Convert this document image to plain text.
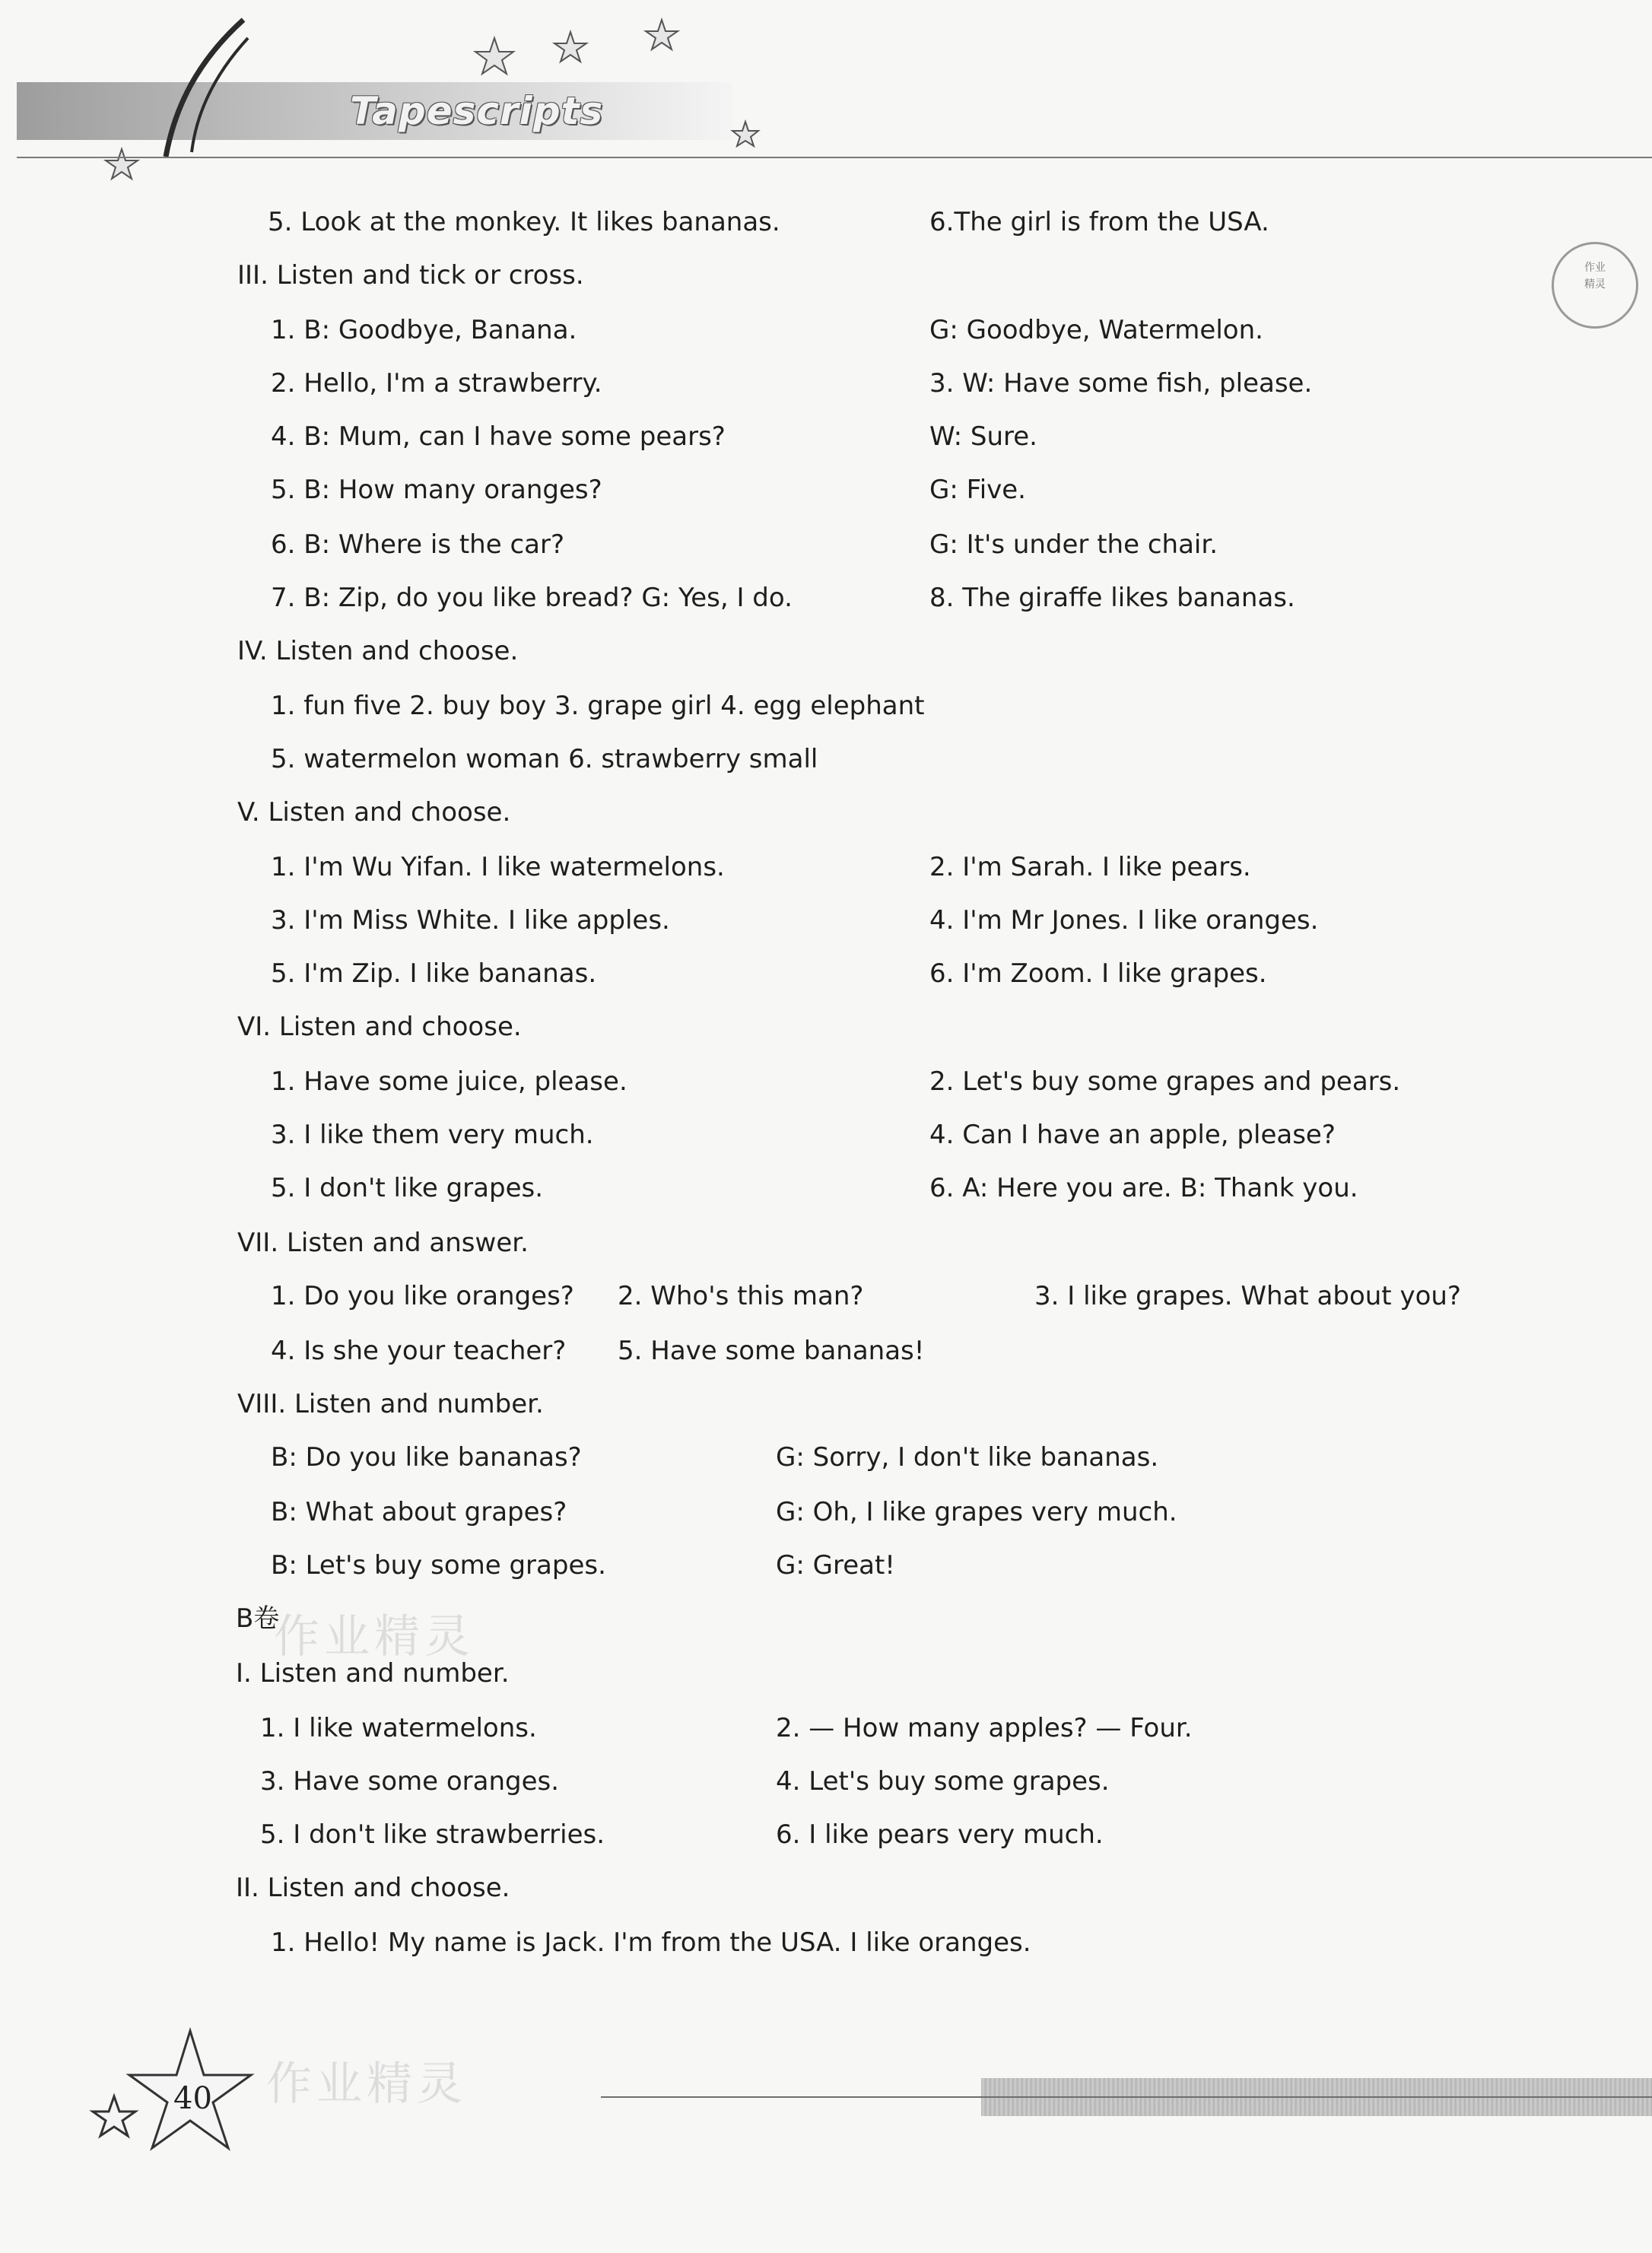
Tapescripts
作业
精灵
5. Look at the monkey. It likes bananas.	6.The girl is from the USA.
III. Listen and tick or cross.
1. B: Goodbye, Banana.	G: Goodbye, Watermelon.
2. Hello, I'm a strawberry.	3. W: Have some fish, please.
4. B: Mum, can I have some pears?	W: Sure.
5. B: How many oranges?	G: Five.
6. B: Where is the car?	G: It's under the chair.
7. B: Zip, do you like bread? G: Yes, I do.	8. The giraffe likes bananas.
IV. Listen and choose.
1. fun five 2. buy boy 3. grape girl 4. egg elephant
5. watermelon woman 6. strawberry small
V. Listen and choose.
1. I'm Wu Yifan. I like watermelons.	2. I'm Sarah. I like pears.
3. I'm Miss White. I like apples.	4. I'm Mr Jones. I like oranges.
5. I'm Zip. I like bananas.	6. I'm Zoom. I like grapes.
VI. Listen and choose.
1. Have some juice, please.	2. Let's buy some grapes and pears.
3. I like them very much.	4. Can I have an apple, please?
5. I don't like grapes.	6. A: Here you are. B: Thank you.
VII. Listen and answer.
1. Do you like oranges? 2. Who's this man?	3. I like grapes. What about you?
4. Is she your teacher? 5. Have some bananas!
VIII. Listen and number.
B: Do you like bananas?	G: Sorry, I don't like bananas.
B: What about grapes?	G: Oh, I like grapes very much.
B: Let's buy some grapes.	G: Great!
作业精灵
B卷
I. Listen and number.
1. I like watermelons.	2. — How many apples? — Four.
3. Have some oranges.	4. Let's buy some grapes.
5. I don't like strawberries.	6. I like pears very much.
II. Listen and choose.
1. Hello! My name is Jack. I'm from the USA. I like oranges.
40 作业精灵
